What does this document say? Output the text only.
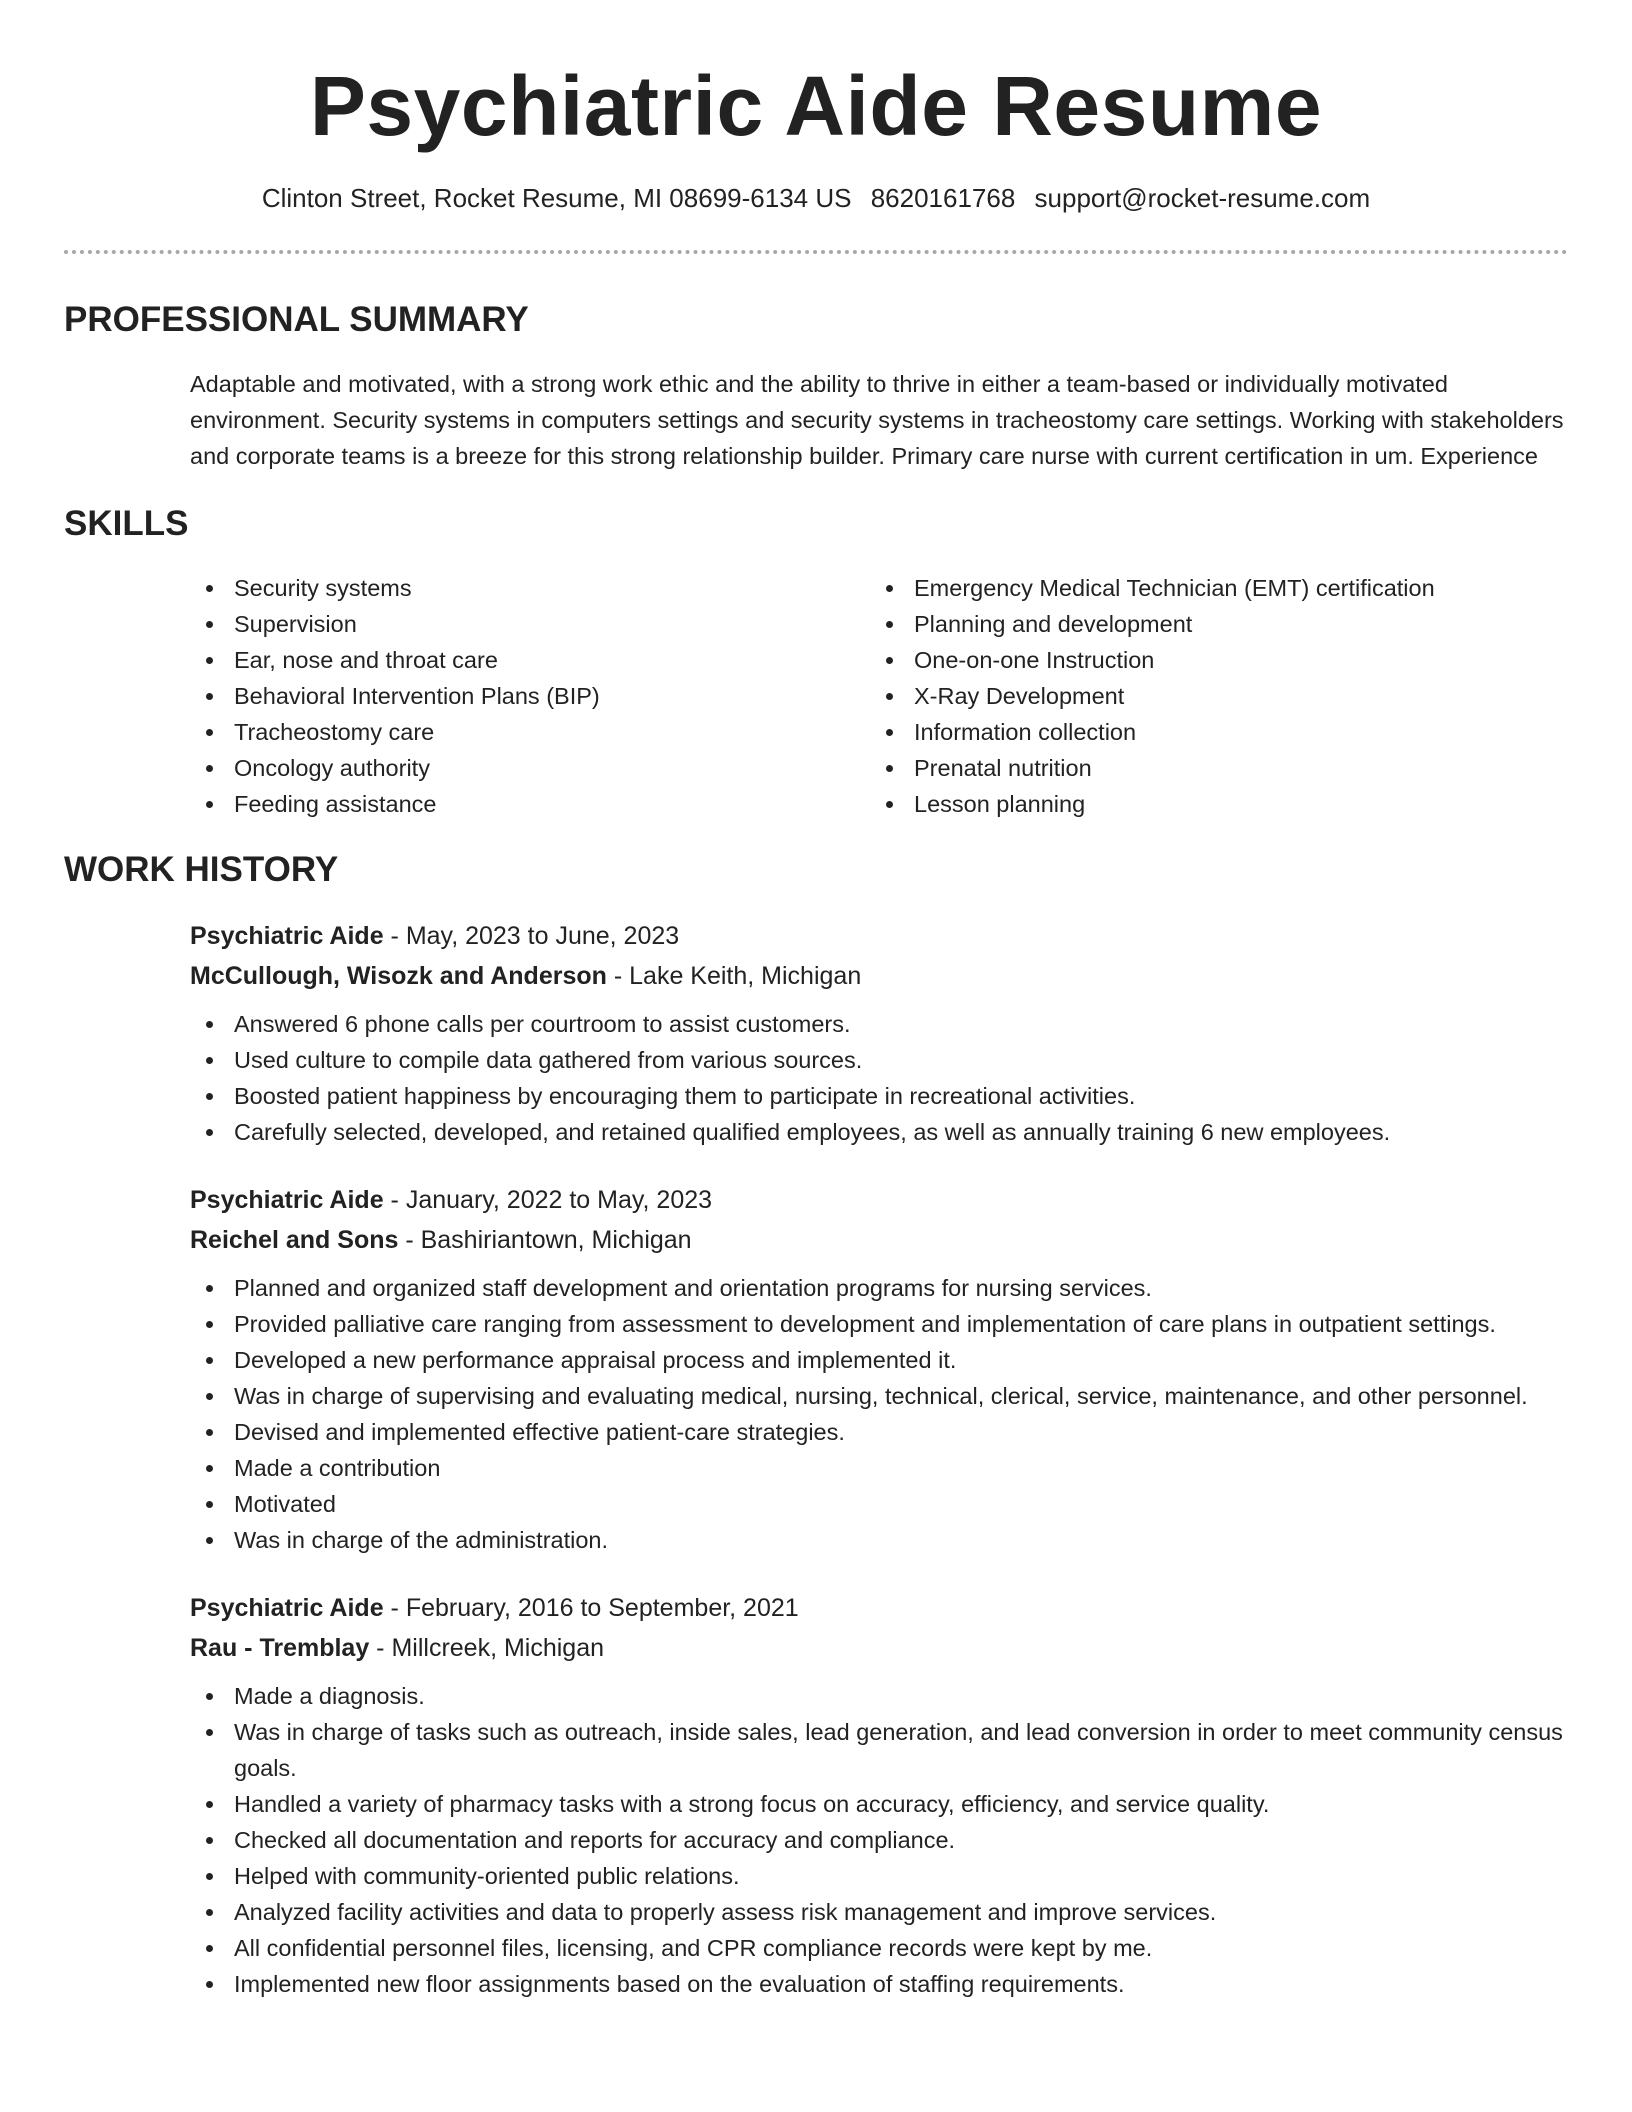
Psychiatric Aide Resume
Clinton Street, Rocket Resume, MI 08699-6134 US 8620161768 support@rocket-resume.com
PROFESSIONAL SUMMARY

Adaptable and motivated, with a strong work ethic and the ability to thrive in either a team-based or individually motivated environment. Security systems in computers settings and security systems in tracheostomy care settings. Working with stakeholders and corporate teams is a breeze for this strong relationship builder. Primary care nurse with current certification in um. Experience

SKILLS
Security systems
Supervision
Ear, nose and throat care
Behavioral Intervention Plans (BIP)
Tracheostomy care
Oncology authority
Feeding assistance
Emergency Medical Technician (EMT) certification
Planning and development
One-on-one Instruction
X-Ray Development
Information collection
Prenatal nutrition
Lesson planning
WORK HISTORY
Psychiatric Aide - May, 2023 to June, 2023
McCullough, Wisozk and Anderson - Lake Keith, Michigan
Answered 6 phone calls per courtroom to assist customers.
Used culture to compile data gathered from various sources.
Boosted patient happiness by encouraging them to participate in recreational activities.
Carefully selected, developed, and retained qualified employees, as well as annually training 6 new employees.
Psychiatric Aide - January, 2022 to May, 2023
Reichel and Sons - Bashiriantown, Michigan
Planned and organized staff development and orientation programs for nursing services.
Provided palliative care ranging from assessment to development and implementation of care plans in outpatient settings.
Developed a new performance appraisal process and implemented it.
Was in charge of supervising and evaluating medical, nursing, technical, clerical, service, maintenance, and other personnel.
Devised and implemented effective patient-care strategies.
Made a contribution
Motivated
Was in charge of the administration.
Psychiatric Aide - February, 2016 to September, 2021
Rau - Tremblay - Millcreek, Michigan
Made a diagnosis.
Was in charge of tasks such as outreach, inside sales, lead generation, and lead conversion in order to meet community census goals.
Handled a variety of pharmacy tasks with a strong focus on accuracy, efficiency, and service quality.
Checked all documentation and reports for accuracy and compliance.
Helped with community-oriented public relations.
Analyzed facility activities and data to properly assess risk management and improve services.
All confidential personnel files, licensing, and CPR compliance records were kept by me.
Implemented new floor assignments based on the evaluation of staffing requirements.
